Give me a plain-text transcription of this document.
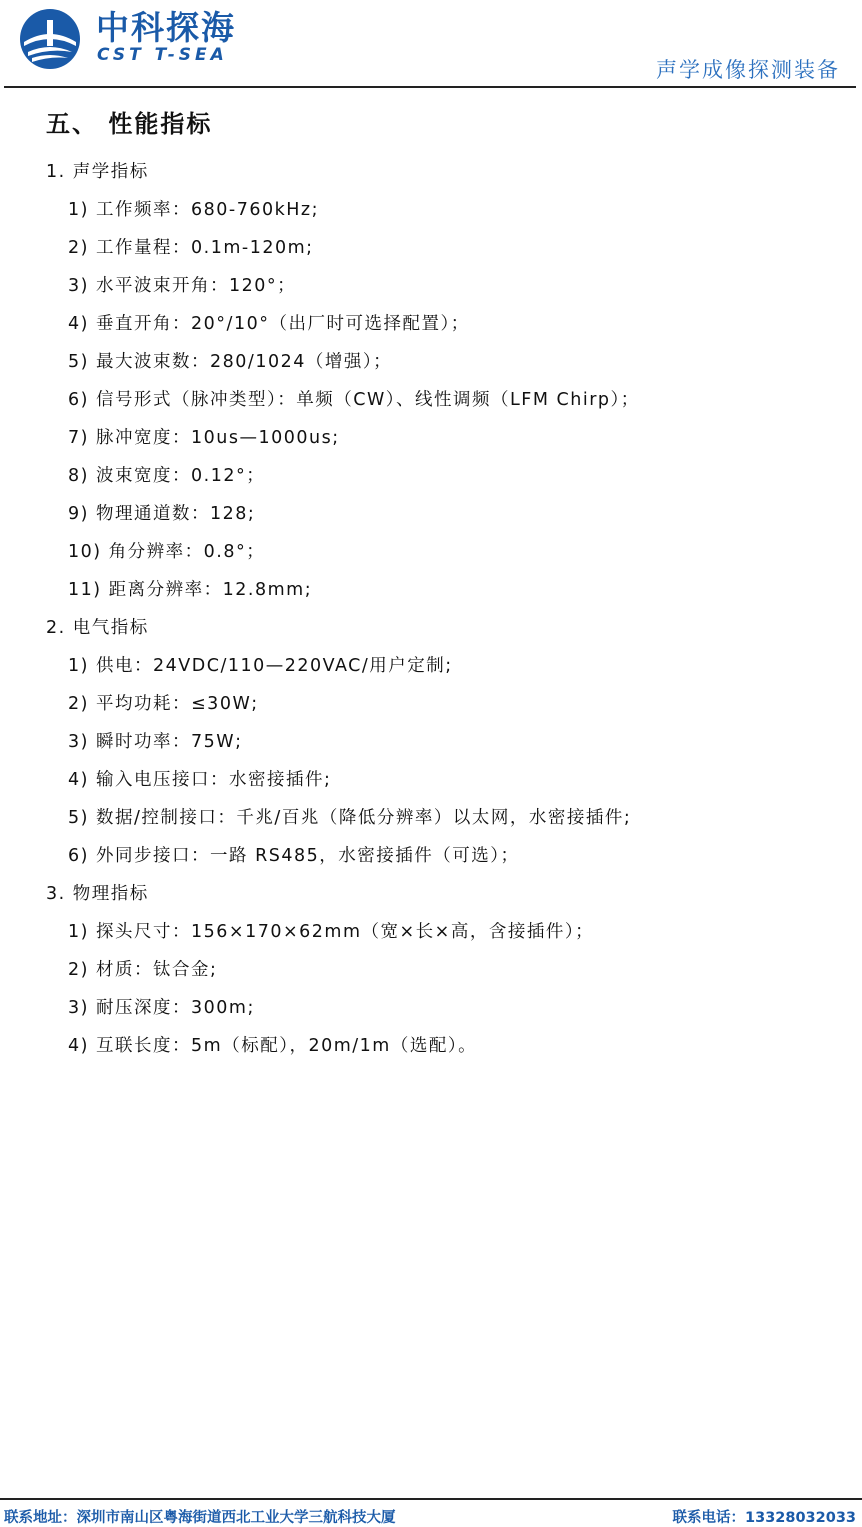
中科探海
CST T-SEA
声学成像探测装备
五、 性能指标
1. 声学指标
1) 工作频率：680-760kHz;
2) 工作量程：0.1m-120m;
3) 水平波束开角：120°；
4) 垂直开角：20°/10°（出厂时可选择配置）；
5) 最大波束数：280/1024（增强）；
6) 信号形式（脉冲类型）：单频（CW）、线性调频（LFM Chirp）；
7) 脉冲宽度：10us—1000us;
8) 波束宽度：0.12°；
9) 物理通道数：128;
10) 角分辨率：0.8°；
11) 距离分辨率：12.8mm;
2. 电气指标
1) 供电：24VDC/110—220VAC/用户定制;
2) 平均功耗：≤30W;
3) 瞬时功率：75W;
4) 输入电压接口：水密接插件;
5) 数据/控制接口：千兆/百兆（降低分辨率）以太网，水密接插件;
6) 外同步接口：一路 RS485，水密接插件（可选）；
3. 物理指标
1) 探头尺寸：156×170×62mm（宽×长×高，含接插件）；
2) 材质：钛合金;
3) 耐压深度：300m;
4) 互联长度：5m（标配），20m/1m（选配）。
联系地址：深圳市南山区粤海街道西北工业大学三航科技大厦	联系电话：13328032033
